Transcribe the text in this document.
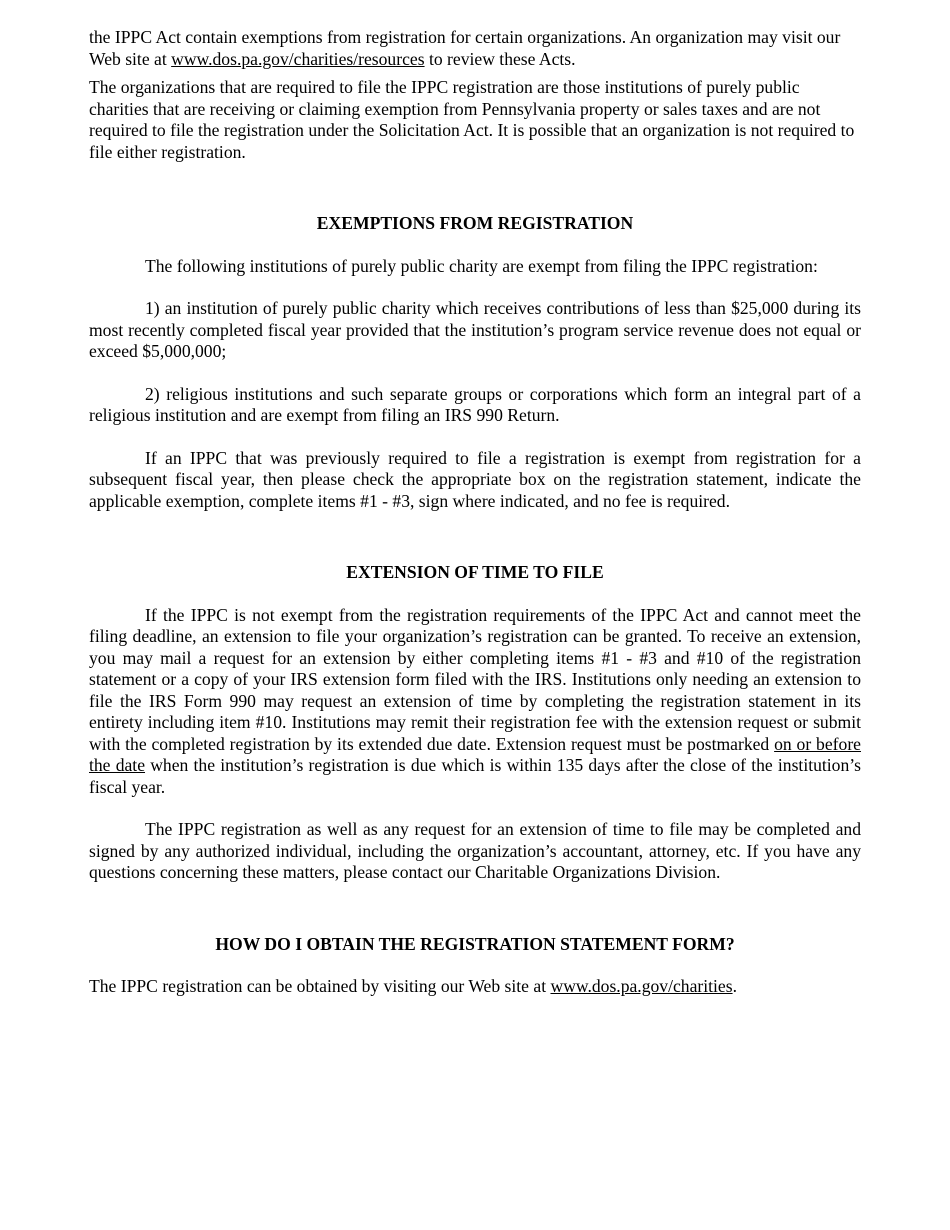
the IPPC Act contain exemptions from registration for certain organizations. An organization may visit our Web site at www.dos.pa.gov/charities/resources to review these Acts.

The organizations that are required to file the IPPC registration are those institutions of purely public charities that are receiving or claiming exemption from Pennsylvania property or sales taxes and are not required to file the registration under the Solicitation Act. It is possible that an organization is not required to file either registration.

EXEMPTIONS FROM REGISTRATION

The following institutions of purely public charity are exempt from filing the IPPC registration:

1) an institution of purely public charity which receives contributions of less than $25,000 during its most recently completed fiscal year provided that the institution’s program service revenue does not equal or exceed $5,000,000;

2) religious institutions and such separate groups or corporations which form an integral part of a religious institution and are exempt from filing an IRS 990 Return.

If an IPPC that was previously required to file a registration is exempt from registration for a subsequent fiscal year, then please check the appropriate box on the registration statement, indicate the applicable exemption, complete items #1 - #3, sign where indicated, and no fee is required.

EXTENSION OF TIME TO FILE

If the IPPC is not exempt from the registration requirements of the IPPC Act and cannot meet the filing deadline, an extension to file your organization’s registration can be granted. To receive an extension, you may mail a request for an extension by either completing items #1 - #3 and #10 of the registration statement or a copy of your IRS extension form filed with the IRS. Institutions only needing an extension to file the IRS Form 990 may request an extension of time by completing the registration statement in its entirety including item #10. Institutions may remit their registration fee with the extension request or submit with the completed registration by its extended due date. Extension request must be postmarked on or before the date when the institution’s registration is due which is within 135 days after the close of the institution’s fiscal year.

The IPPC registration as well as any request for an extension of time to file may be completed and signed by any authorized individual, including the organization’s accountant, attorney, etc. If you have any questions concerning these matters, please contact our Charitable Organizations Division.

HOW DO I OBTAIN THE REGISTRATION STATEMENT FORM?

The IPPC registration can be obtained by visiting our Web site at www.dos.pa.gov/charities.
